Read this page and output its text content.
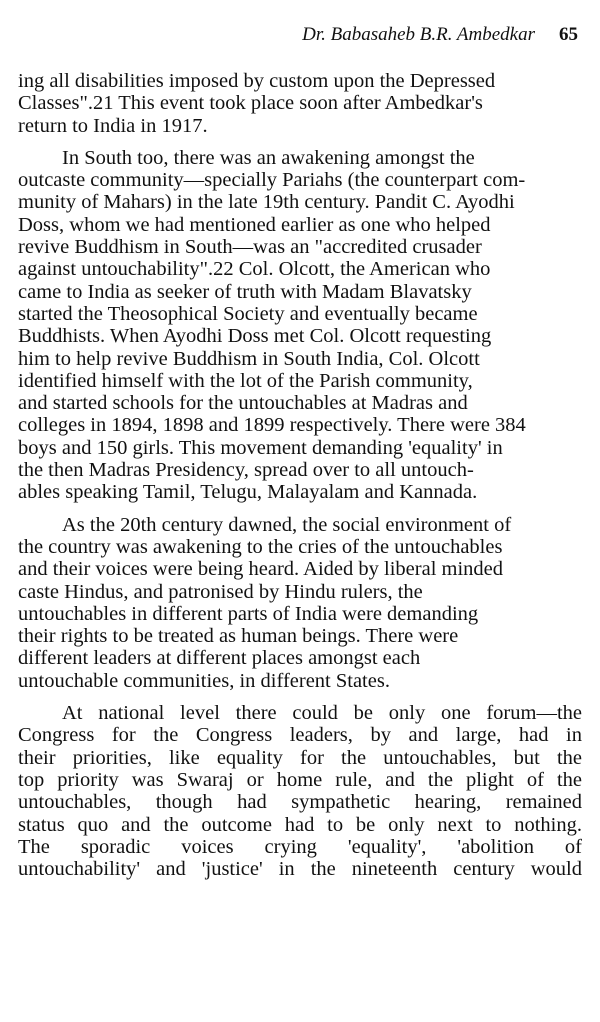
Dr. Babasaheb B.R. Ambedkar 65

ing all disabilities imposed by custom upon the Depressed
Classes".21 This event took place soon after Ambedkar's
return to India in 1917.

In South too, there was an awakening amongst the
outcaste community—specially Pariahs (the counterpart com-
munity of Mahars) in the late 19th century. Pandit C. Ayodhi
Doss, whom we had mentioned earlier as one who helped
revive Buddhism in South—was an "accredited crusader
against untouchability".22 Col. Olcott, the American who
came to India as seeker of truth with Madam Blavatsky
started the Theosophical Society and eventually became
Buddhists. When Ayodhi Doss met Col. Olcott requesting
him to help revive Buddhism in South India, Col. Olcott
identified himself with the lot of the Parish community,
and started schools for the untouchables at Madras and
colleges in 1894, 1898 and 1899 respectively. There were 384
boys and 150 girls. This movement demanding 'equality' in
the then Madras Presidency, spread over to all untouch-
ables speaking Tamil, Telugu, Malayalam and Kannada.

As the 20th century dawned, the social environment of
the country was awakening to the cries of the untouchables
and their voices were being heard. Aided by liberal minded
caste Hindus, and patronised by Hindu rulers, the
untouchables in different parts of India were demanding
their rights to be treated as human beings. There were
different leaders at different places amongst each
untouchable communities, in different States.

At national level there could be only one forum—the
Congress for the Congress leaders, by and large, had in
their priorities, like equality for the untouchables, but the
top priority was Swaraj or home rule, and the plight of the
untouchables, though had sympathetic hearing, remained
status quo and the outcome had to be only next to nothing.
The sporadic voices crying 'equality', 'abolition of
untouchability' and 'justice' in the nineteenth century would
